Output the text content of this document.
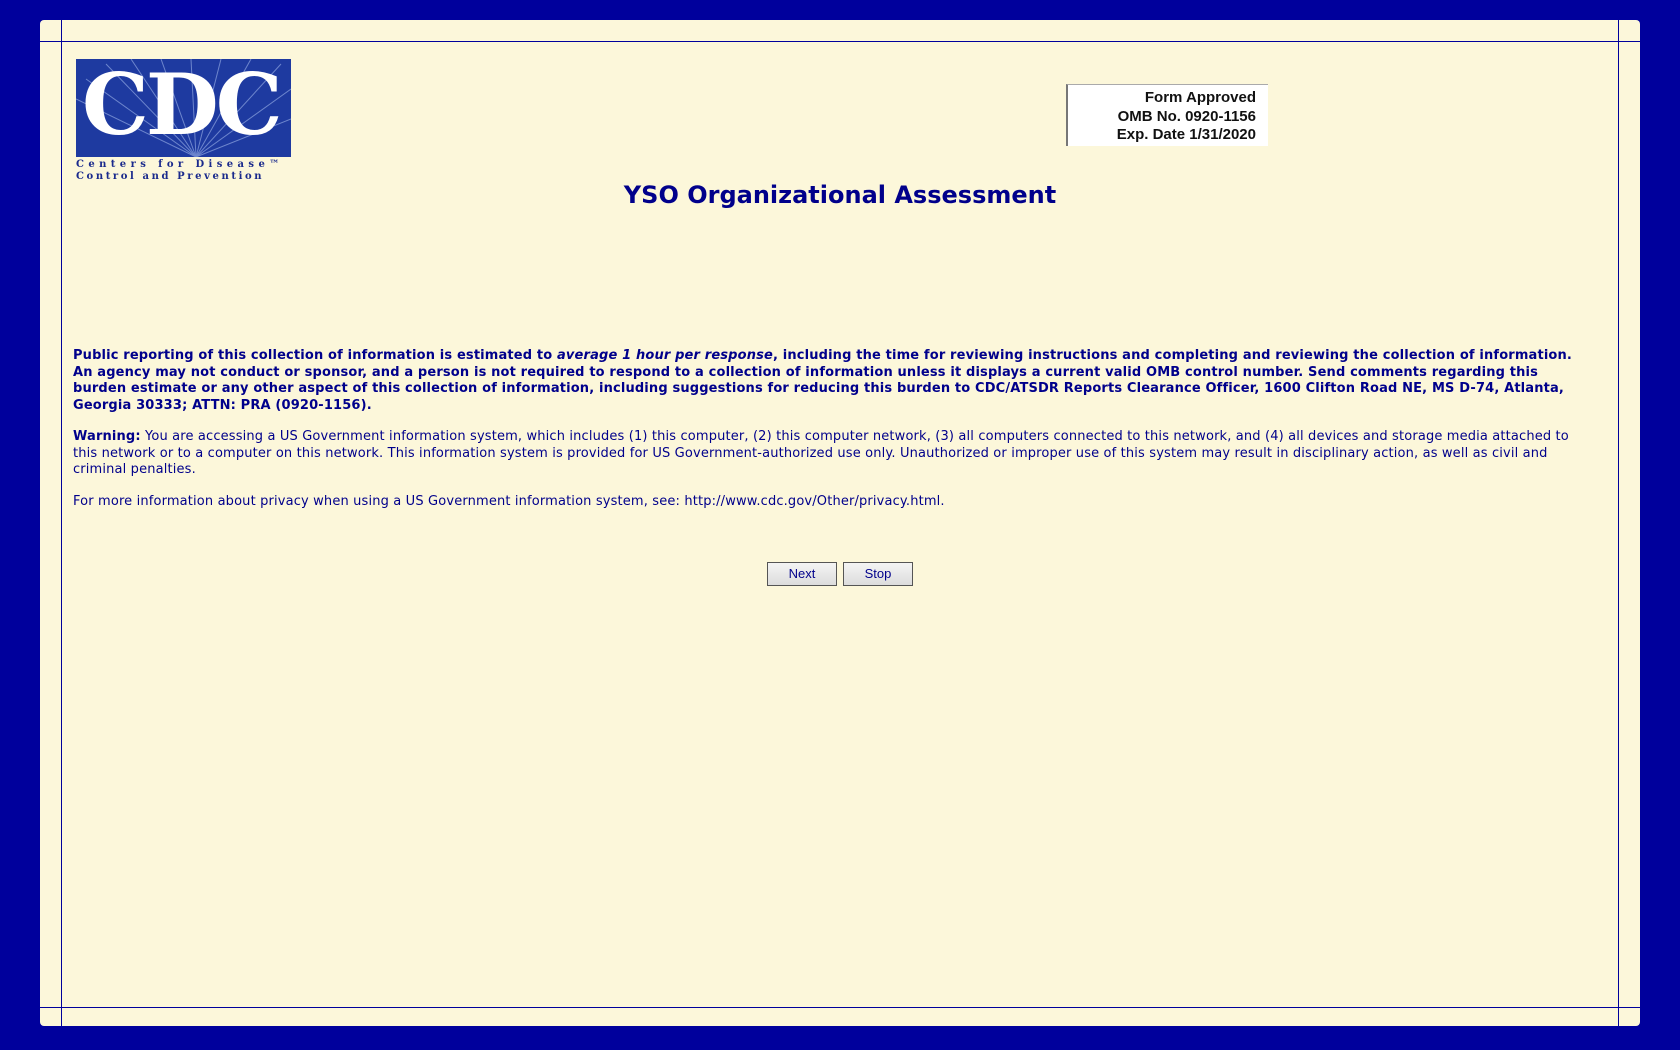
CDC
Centers for Disease™
Control and Prevention
Form Approved
OMB No. 0920-1156
Exp. Date 1/31/2020
YSO Organizational Assessment
Public reporting of this collection of information is estimated to average 1 hour per response, including the time for reviewing instructions and completing and reviewing the collection of information. An agency may not conduct or sponsor, and a person is not required to respond to a collection of information unless it displays a current valid OMB control number. Send comments regarding this burden estimate or any other aspect of this collection of information, including suggestions for reducing this burden to CDC/ATSDR Reports Clearance Officer, 1600 Clifton Road NE, MS D-74, Atlanta, Georgia 30333; ATTN: PRA (0920-1156).
Warning: You are accessing a US Government information system, which includes (1) this computer, (2) this computer network, (3) all computers connected to this network, and (4) all devices and storage media attached to this network or to a computer on this network. This information system is provided for US Government-authorized use only. Unauthorized or improper use of this system may result in disciplinary action, as well as civil and criminal penalties.
For more information about privacy when using a US Government information system, see: http://www.cdc.gov/Other/privacy.html.
Next	Stop
